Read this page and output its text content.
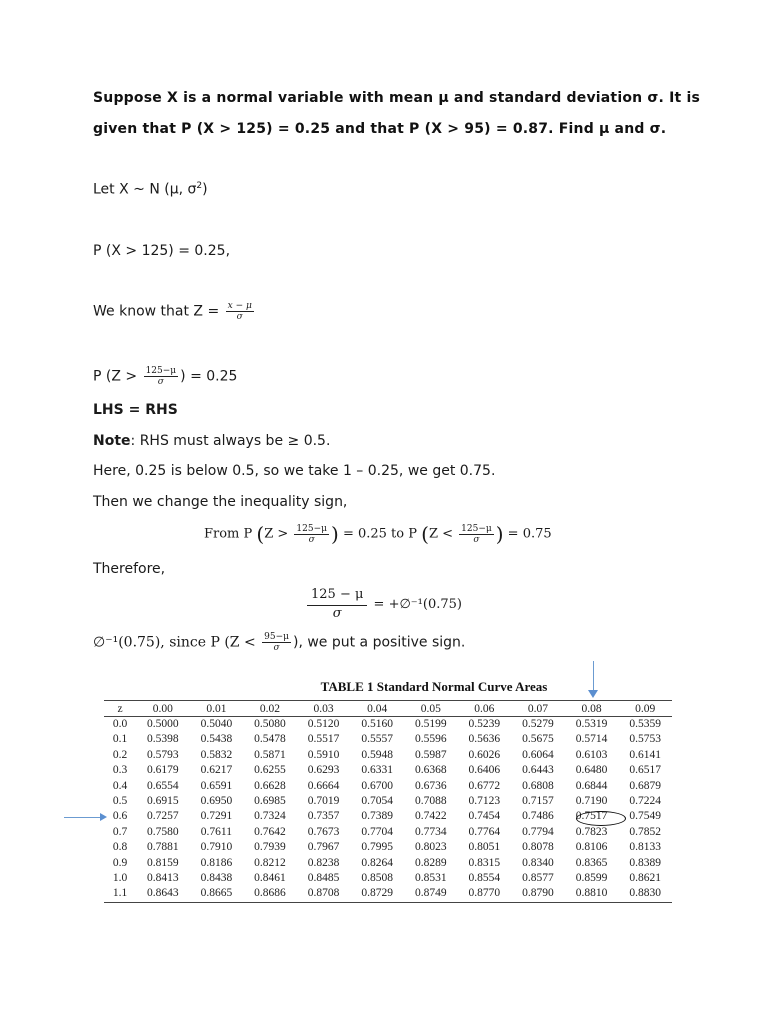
Suppose X is a normal variable with mean μ and standard deviation σ. It is
given that P (X > 125) = 0.25 and that P (X > 95) = 0.87. Find μ and σ.
Let X ~ N (μ, $\sigma^2$)
P (X > 125) = 0.25,
We know that $Z = \frac{x - \mu}{\sigma}$
P ($Z > \frac{125-\mu}{\sigma}$ ) = 0.25
LHS = RHS
Note: RHS must always be ≥ 0.5.
Here, 0.25 is below 0.5, so we take 1 – 0.25, we get 0.75.
Then we change the inequality sign,
From P ($Z > \frac{125-\mu}{\sigma}$ ) = 0.25 to P ($Z < \frac{125-\mu}{\sigma}$ ) = 0.75
Therefore,
$\frac{125 - \mu}{\sigma}$ = +∅⁻¹(0.75)
∅⁻¹(0.75), since P ($Z < \frac{95-\mu}{\sigma}$ ), we put a positive sign.
TABLE 1 Standard Normal Curve Areas
z	0.00	0.01	0.02	0.03	0.04	0.05	0.06	0.07	0.08	0.09
0.0	0.5000	0.5040	0.5080	0.5120	0.5160	0.5199	0.5239	0.5279	0.5319	0.5359
0.1	0.5398	0.5438	0.5478	0.5517	0.5557	0.5596	0.5636	0.5675	0.5714	0.5753
0.2	0.5793	0.5832	0.5871	0.5910	0.5948	0.5987	0.6026	0.6064	0.6103	0.6141
0.3	0.6179	0.6217	0.6255	0.6293	0.6331	0.6368	0.6406	0.6443	0.6480	0.6517
0.4	0.6554	0.6591	0.6628	0.6664	0.6700	0.6736	0.6772	0.6808	0.6844	0.6879
0.5	0.6915	0.6950	0.6985	0.7019	0.7054	0.7088	0.7123	0.7157	0.7190	0.7224
0.6	0.7257	0.7291	0.7324	0.7357	0.7389	0.7422	0.7454	0.7486	0.7517	0.7549
0.7	0.7580	0.7611	0.7642	0.7673	0.7704	0.7734	0.7764	0.7794	0.7823	0.7852
0.8	0.7881	0.7910	0.7939	0.7967	0.7995	0.8023	0.8051	0.8078	0.8106	0.8133
0.9	0.8159	0.8186	0.8212	0.8238	0.8264	0.8289	0.8315	0.8340	0.8365	0.8389
1.0	0.8413	0.8438	0.8461	0.8485	0.8508	0.8531	0.8554	0.8577	0.8599	0.8621
1.1	0.8643	0.8665	0.8686	0.8708	0.8729	0.8749	0.8770	0.8790	0.8810	0.8830
